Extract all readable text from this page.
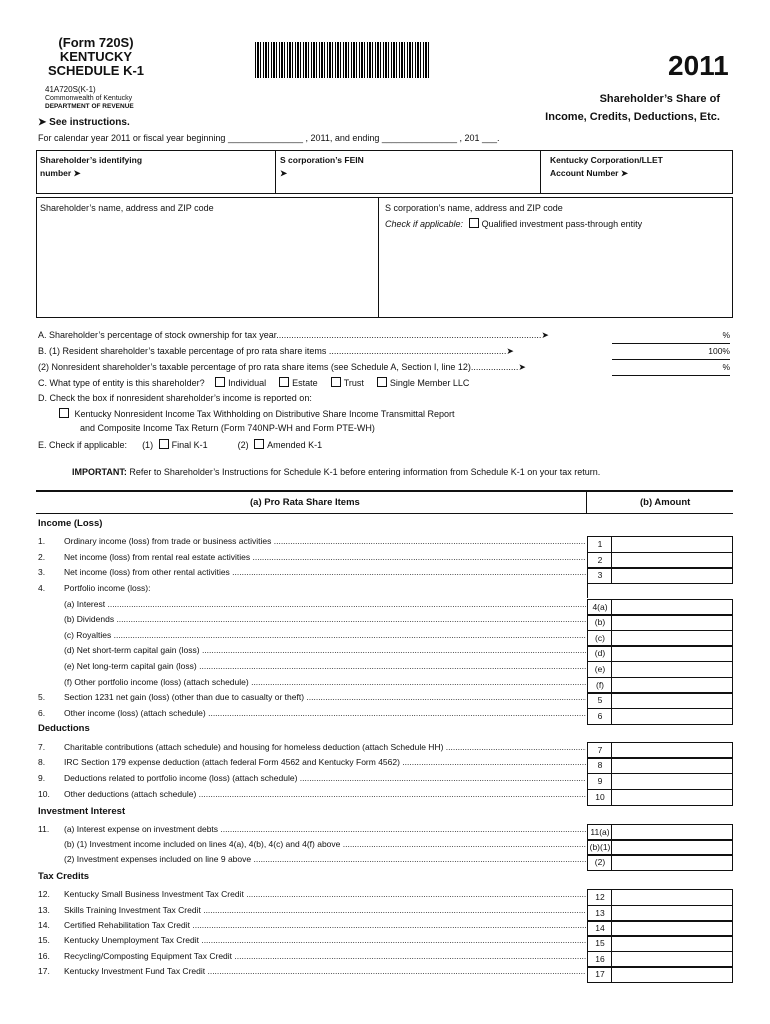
(Form 720S)
KENTUCKY
SCHEDULE K-1	2011
41A720S(K-1)
Commonwealth of Kentucky
DEPARTMENT OF REVENUE
Shareholder’s Share of
Income, Credits, Deductions, Etc.
➤ See instructions.
For calendar year 2011 or fiscal year beginning _______________ , 2011, and ending _______________ , 201 ___.
Shareholder’s identifying
number ➤
S corporation’s FEIN
➤
Kentucky Corporation/LLET
Account Number ➤
Shareholder’s name, address and ZIP code	S corporation’s name, address and ZIP code
Check if applicable: Qualified investment pass-through entity
A. Shareholder’s percentage of stock ownership for tax year..........................................................................................................➤	%
B. (1) Resident shareholder’s taxable percentage of pro rata share items .......................................................................➤	100%
(2) Nonresident shareholder’s taxable percentage of pro rata share items (see Schedule A, Section I, line 12)...................➤	%
C. What type of entity is this shareholder?	Individual	Estate	Trust	Single Member LLC
D. Check the box if nonresident shareholder’s income is reported on:
Kentucky Nonresident Income Tax Withholding on Distributive Share Income Transmittal Report
and Composite Income Tax Return (Form 740NP-WH and Form PTE-WH)
E. Check if applicable: (1) Final K-1	(2) Amended K-1
IMPORTANT: Refer to Shareholder’s Instructions for Schedule K-1 before entering information from Schedule K-1 on your tax return.
(a) Pro Rata Share Items	(b) Amount
Income (Loss)
Deductions
Investment Interest
Tax Credits
1.	Ordinary income (loss) from trade or business activities .....	1
2.	Net income (loss) from rental real estate activities .....	2
3.	Net income (loss) from other rental activities .....	3
4.	Portfolio income (loss):
(a) Interest .....	4(a)
(b) Dividends .....	(b)
(c) Royalties .....	(c)
(d) Net short-term capital gain (loss) .....	(d)
(e) Net long-term capital gain (loss) .....	(e)
(f) Other portfolio income (loss) (attach schedule) .....	(f)
5.	Section 1231 net gain (loss) (other than due to casualty or theft) .....	5
6.	Other income (loss) (attach schedule) .....	6
7.	Charitable contributions (attach schedule) and housing for homeless deduction (attach Schedule HH) .....	7
8.	IRC Section 179 expense deduction (attach federal Form 4562 and Kentucky Form 4562) .....	8
9.	Deductions related to portfolio income (loss) (attach schedule) .....	9
10.	Other deductions (attach schedule) .....	10
11.	(a) Interest expense on investment debts .....	11(a)
(b) (1) Investment income included on lines 4(a), 4(b), 4(c) and 4(f) above .....	(b)(1)
(2) Investment expenses included on line 9 above .....	(2)
12.	Kentucky Small Business Investment Tax Credit .....	12
13.	Skills Training Investment Tax Credit .....	13
14.	Certified Rehabilitation Tax Credit .....	14
15.	Kentucky Unemployment Tax Credit .....	15
16.	Recycling/Composting Equipment Tax Credit .....	16
17.	Kentucky Investment Fund Tax Credit .....	17
